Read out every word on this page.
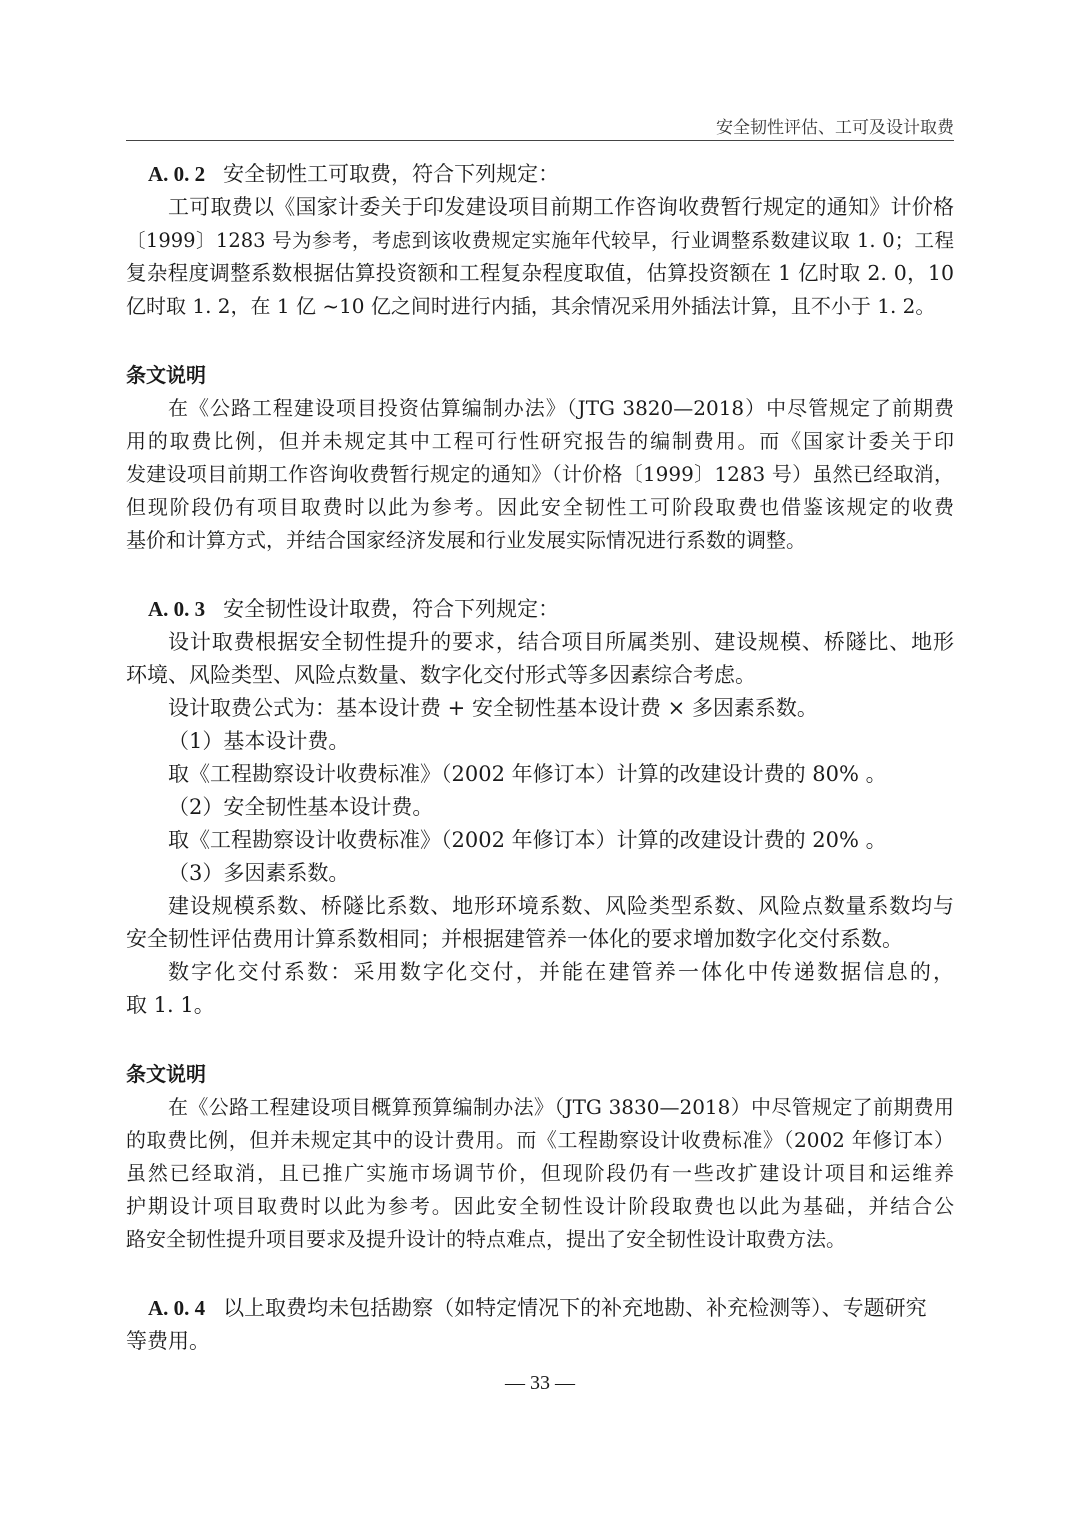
安全韧性评估、工可及设计取费
A. 0. 2 安全韧性工可取费，符合下列规定：
工可取费以《国家计委关于印发建设项目前期工作咨询收费暂行规定的通知》计价格
〔1999〕1283 号为参考，考虑到该收费规定实施年代较早，行业调整系数建议取 1. 0；工程
复杂程度调整系数根据估算投资额和工程复杂程度取值，估算投资额在 1 亿时取 2. 0，10
亿时取 1. 2，在 1 亿 ~10 亿之间时进行内插，其余情况采用外插法计算，且不小于 1. 2。
条文说明
在《公路工程建设项目投资估算编制办法》（JTG 3820—2018）中尽管规定了前期费
用的取费比例，但并未规定其中工程可行性研究报告的编制费用。而《国家计委关于印
发建设项目前期工作咨询收费暂行规定的通知》（计价格〔1999〕1283 号）虽然已经取消，
但现阶段仍有项目取费时以此为参考。因此安全韧性工可阶段取费也借鉴该规定的收费
基价和计算方式，并结合国家经济发展和行业发展实际情况进行系数的调整。
A. 0. 3 安全韧性设计取费，符合下列规定：
设计取费根据安全韧性提升的要求，结合项目所属类别、建设规模、桥隧比、地形
环境、风险类型、风险点数量、数字化交付形式等多因素综合考虑。
设计取费公式为：基本设计费 + 安全韧性基本设计费 × 多因素系数。
（1）基本设计费。
取《工程勘察设计收费标准》（2002 年修订本）计算的改建设计费的 80% 。
（2）安全韧性基本设计费。
取《工程勘察设计收费标准》（2002 年修订本）计算的改建设计费的 20% 。
（3）多因素系数。
建设规模系数、桥隧比系数、地形环境系数、风险类型系数、风险点数量系数均与
安全韧性评估费用计算系数相同；并根据建管养一体化的要求增加数字化交付系数。
数字化交付系数：采用数字化交付，并能在建管养一体化中传递数据信息的，
取 1. 1。
条文说明
在《公路工程建设项目概算预算编制办法》（JTG 3830—2018）中尽管规定了前期费用
的取费比例，但并未规定其中的设计费用。而《工程勘察设计收费标准》（2002 年修订本）
虽然已经取消，且已推广实施市场调节价，但现阶段仍有一些改扩建设计项目和运维养
护期设计项目取费时以此为参考。因此安全韧性设计阶段取费也以此为基础，并结合公
路安全韧性提升项目要求及提升设计的特点难点，提出了安全韧性设计取费方法。
A. 0. 4 以上取费均未包括勘察（如特定情况下的补充地勘、补充检测等）、专题研究
等费用。
— 33 —
